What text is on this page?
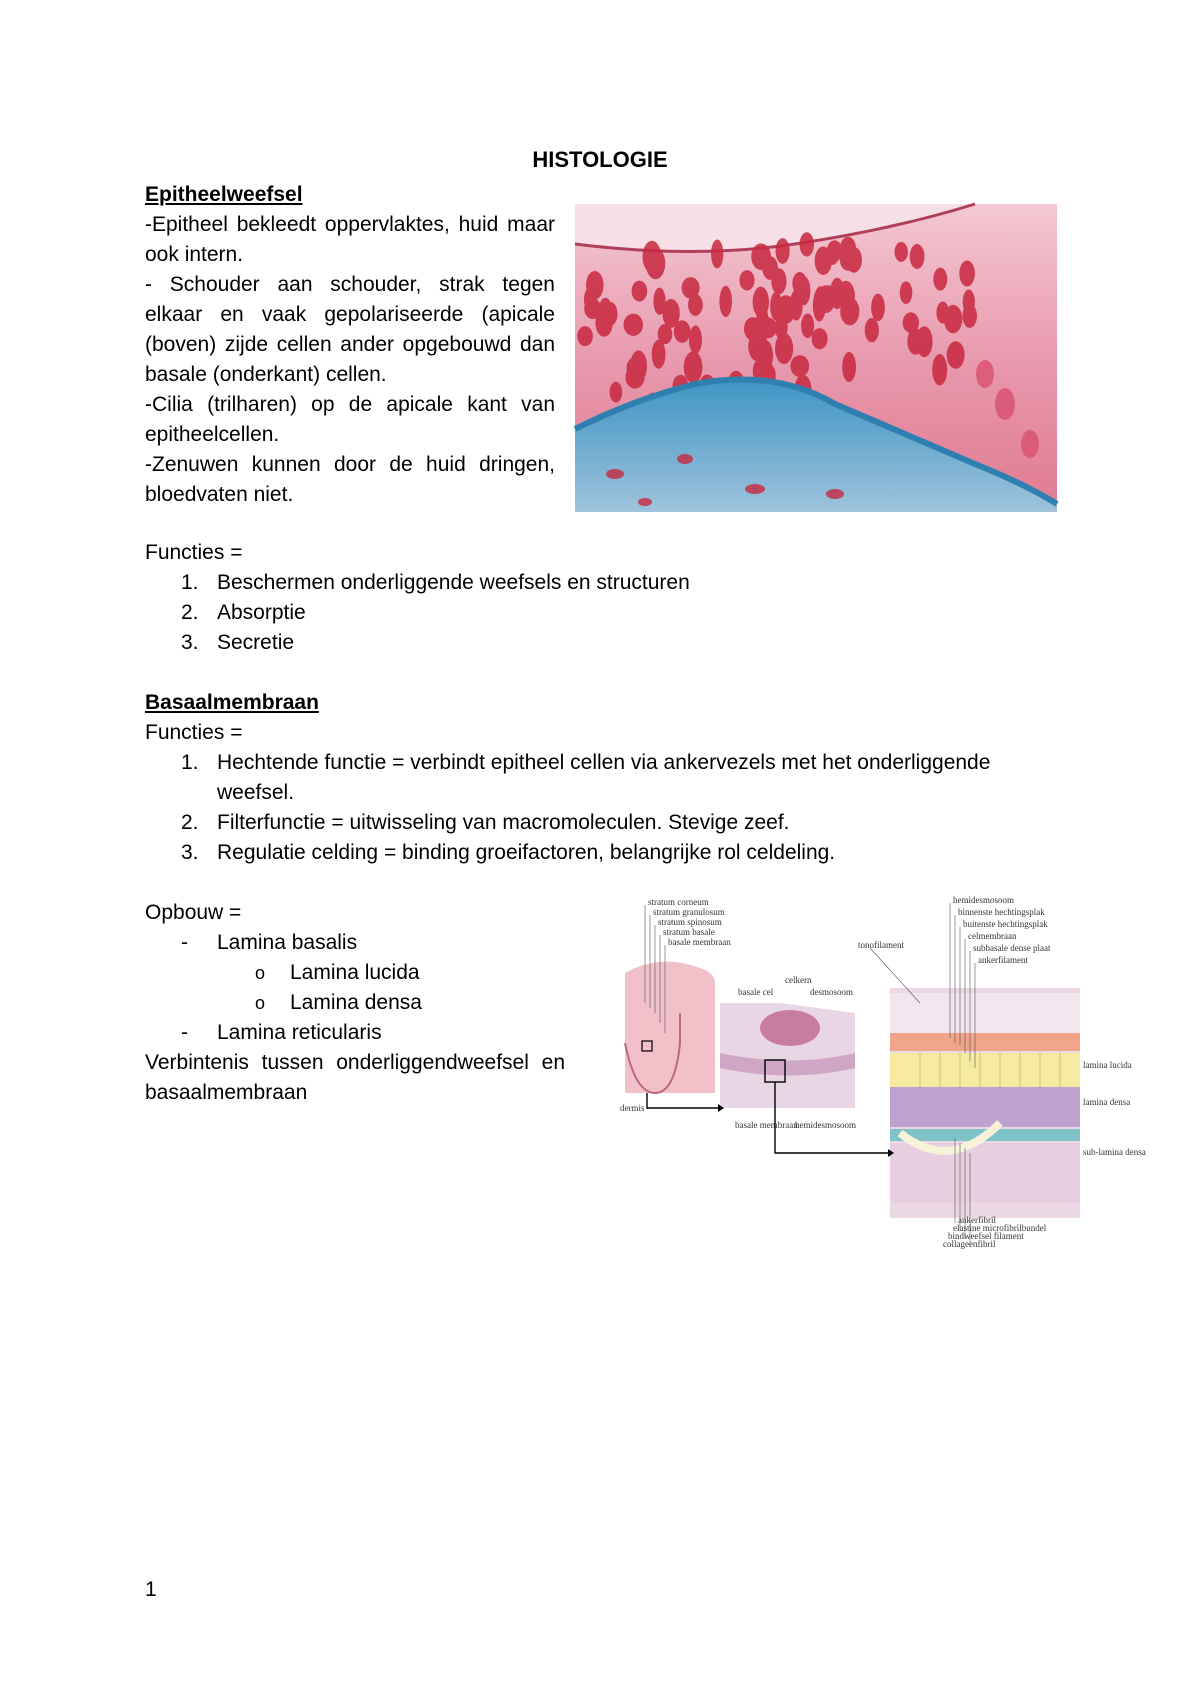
HISTOLOGIE
Epitheelweefsel
-Epitheel bekleedt oppervlaktes, huid maar ook intern.
- Schouder aan schouder, strak tegen elkaar en vaak gepolariseerde (apicale (boven) zijde cellen ander opgebouwd dan basale (onderkant) cellen.
-Cilia (trilharen) op de apicale kant van epitheelcellen.
-Zenuwen kunnen door de huid dringen, bloedvaten niet.
Functies =
1. Beschermen onderliggende weefsels en structuren
2. Absorptie
3. Secretie
Basaalmembraan
Functies =
1. Hechtende functie = verbindt epitheel cellen via ankervezels met het onderliggende weefsel.
2. Filterfunctie = uitwisseling van macromoleculen. Stevige zeef.
3. Regulatie celding = binding groeifactoren, belangrijke rol celdeling.
Opbouw =
- Lamina basalis
o Lamina lucida
o Lamina densa
- Lamina reticularis
Verbintenis tussen onderliggendweefsel en basaalmembraan
stratum corneum
stratum granulosum
stratum spinosum
stratum basale
basale membraan
celkern
basale cel	desmosoom
basale membraan
hemidesmosoom
hemidesmosoom
binnenste hechtingsplak
buitenste hechtingsplak
celmembraan
subbasale dense plaat
ankerfilament
tonofilament
lamina lucida
lamina densa
sub-lamina densa
ankerfibril
elastine microfibrilbundel
bindweefsel filament
collageenfibril
dermis
1
